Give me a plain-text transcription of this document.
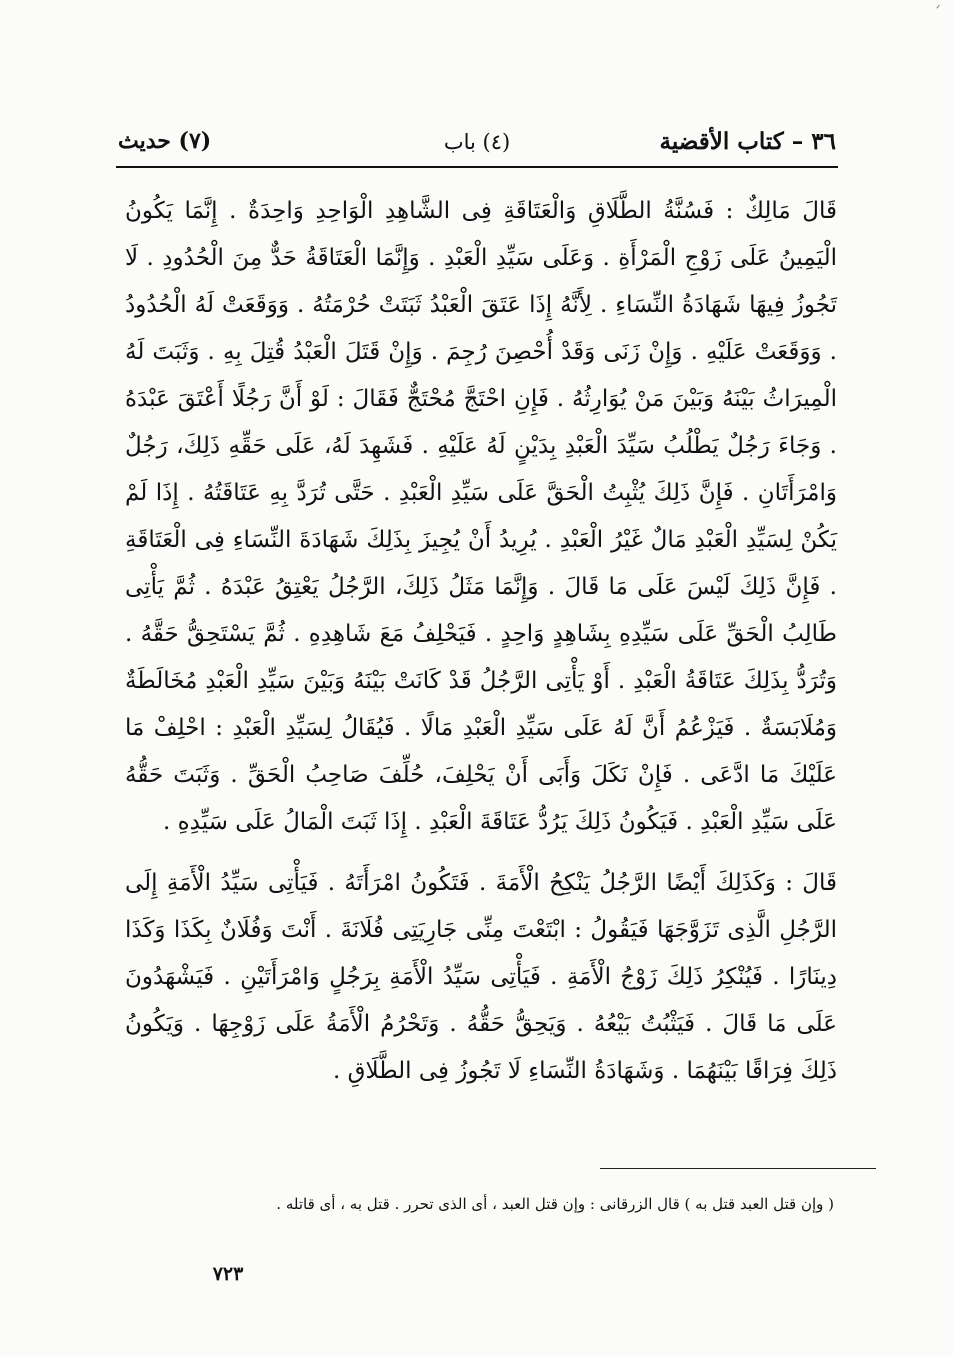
ᐟ
٣٦ – كتاب الأقضية
(٤) باب
(٧) حديث

قَالَ مَالِكٌ : فَسُنَّةُ الطَّلَاقِ وَالْعَتَاقَةِ فِى الشَّاهِدِ الْوَاحِدِ وَاحِدَةٌ . إِنَّمَا يَكُونُ الْيَمِينُ عَلَى زَوْجِ الْمَرْأَةِ . وَعَلَى سَيِّدِ الْعَبْدِ . وَإِنَّمَا الْعَتَاقَةُ حَدٌّ مِنَ الْحُدُودِ . لَا تَجُوزُ فِيهَا شَهَادَةُ النِّسَاءِ . لِأَنَّهُ إِذَا عَتَقَ الْعَبْدُ ثَبَتَتْ حُرْمَتُهُ . وَوَقَعَتْ لَهُ الْحُدُودُ . وَوَقَعَتْ عَلَيْهِ . وَإِنْ زَنَى وَقَدْ أُحْصِنَ رُجِمَ . وَإِنْ قَتَلَ الْعَبْدُ قُتِلَ بِهِ . وَثَبَتَ لَهُ الْمِيرَاثُ بَيْنَهُ وَبَيْنَ مَنْ يُوَارِثُهُ . فَإِنِ احْتَجَّ مُحْتَجٌّ فَقَالَ : لَوْ أَنَّ رَجُلًا أَعْتَقَ عَبْدَهُ . وَجَاءَ رَجُلٌ يَطْلُبُ سَيِّدَ الْعَبْدِ بِدَيْنٍ لَهُ عَلَيْهِ . فَشَهِدَ لَهُ، عَلَى حَقِّهِ ذَلِكَ، رَجُلٌ وَامْرَأَتَانِ . فَإِنَّ ذَلِكَ يُثْبِتُ الْحَقَّ عَلَى سَيِّدِ الْعَبْدِ . حَتَّى تُرَدَّ بِهِ عَتَاقَتُهُ . إِذَا لَمْ يَكُنْ لِسَيِّدِ الْعَبْدِ مَالٌ غَيْرُ الْعَبْدِ . يُرِيدُ أَنْ يُجِيزَ بِذَلِكَ شَهَادَةَ النِّسَاءِ فِى الْعَتَاقَةِ . فَإِنَّ ذَلِكَ لَيْسَ عَلَى مَا قَالَ . وَإِنَّمَا مَثَلُ ذَلِكَ، الرَّجُلُ يَعْتِقُ عَبْدَهُ . ثُمَّ يَأْتِى طَالِبُ الْحَقِّ عَلَى سَيِّدِهِ بِشَاهِدٍ وَاحِدٍ . فَيَحْلِفُ مَعَ شَاهِدِهِ . ثُمَّ يَسْتَحِقُّ حَقَّهُ . وَتُرَدُّ بِذَلِكَ عَتَاقَةُ الْعَبْدِ . أَوْ يَأْتِى الرَّجُلُ قَدْ كَانَتْ بَيْنَهُ وَبَيْنَ سَيِّدِ الْعَبْدِ مُخَالَطَةٌ وَمُلَابَسَةٌ . فَيَزْعُمُ أَنَّ لَهُ عَلَى سَيِّدِ الْعَبْدِ مَالًا . فَيُقَالُ لِسَيِّدِ الْعَبْدِ : احْلِفْ مَا عَلَيْكَ مَا ادَّعَى . فَإِنْ نَكَلَ وَأَبَى أَنْ يَحْلِفَ، حُلِّفَ صَاحِبُ الْحَقِّ . وَثَبَتَ حَقُّهُ عَلَى سَيِّدِ الْعَبْدِ . فَيَكُونُ ذَلِكَ يَرُدُّ عَتَاقَةَ الْعَبْدِ . إِذَا ثَبَتَ الْمَالُ عَلَى سَيِّدِهِ .

قَالَ : وَكَذَلِكَ أَيْضًا الرَّجُلُ يَنْكِحُ الْأَمَةَ . فَتَكُونُ امْرَأَتَهُ . فَيَأْتِى سَيِّدُ الْأَمَةِ إِلَى الرَّجُلِ الَّذِى تَزَوَّجَهَا فَيَقُولُ : ابْتَعْتَ مِنِّى جَارِيَتِى فُلَانَةَ . أَنْتَ وَفُلَانٌ بِكَذَا وَكَذَا دِينَارًا . فَيُنْكِرُ ذَلِكَ زَوْجُ الْأَمَةِ . فَيَأْتِى سَيِّدُ الْأَمَةِ بِرَجُلٍ وَامْرَأَتَيْنِ . فَيَشْهَدُونَ عَلَى مَا قَالَ . فَيَثْبُتُ بَيْعُهُ . وَيَحِقُّ حَقُّهُ . وَتَحْرُمُ الْأَمَةُ عَلَى زَوْجِهَا . وَيَكُونُ ذَلِكَ فِرَاقًا بَيْنَهُمَا . وَشَهَادَةُ النِّسَاءِ لَا تَجُوزُ فِى الطَّلَاقِ .

( وإن قتل العبد قتل به ) قال الزرقانى : وإن قتل العبد ، أى الذى تحرر . قتل به ، أى قاتله .
٧٢٣
